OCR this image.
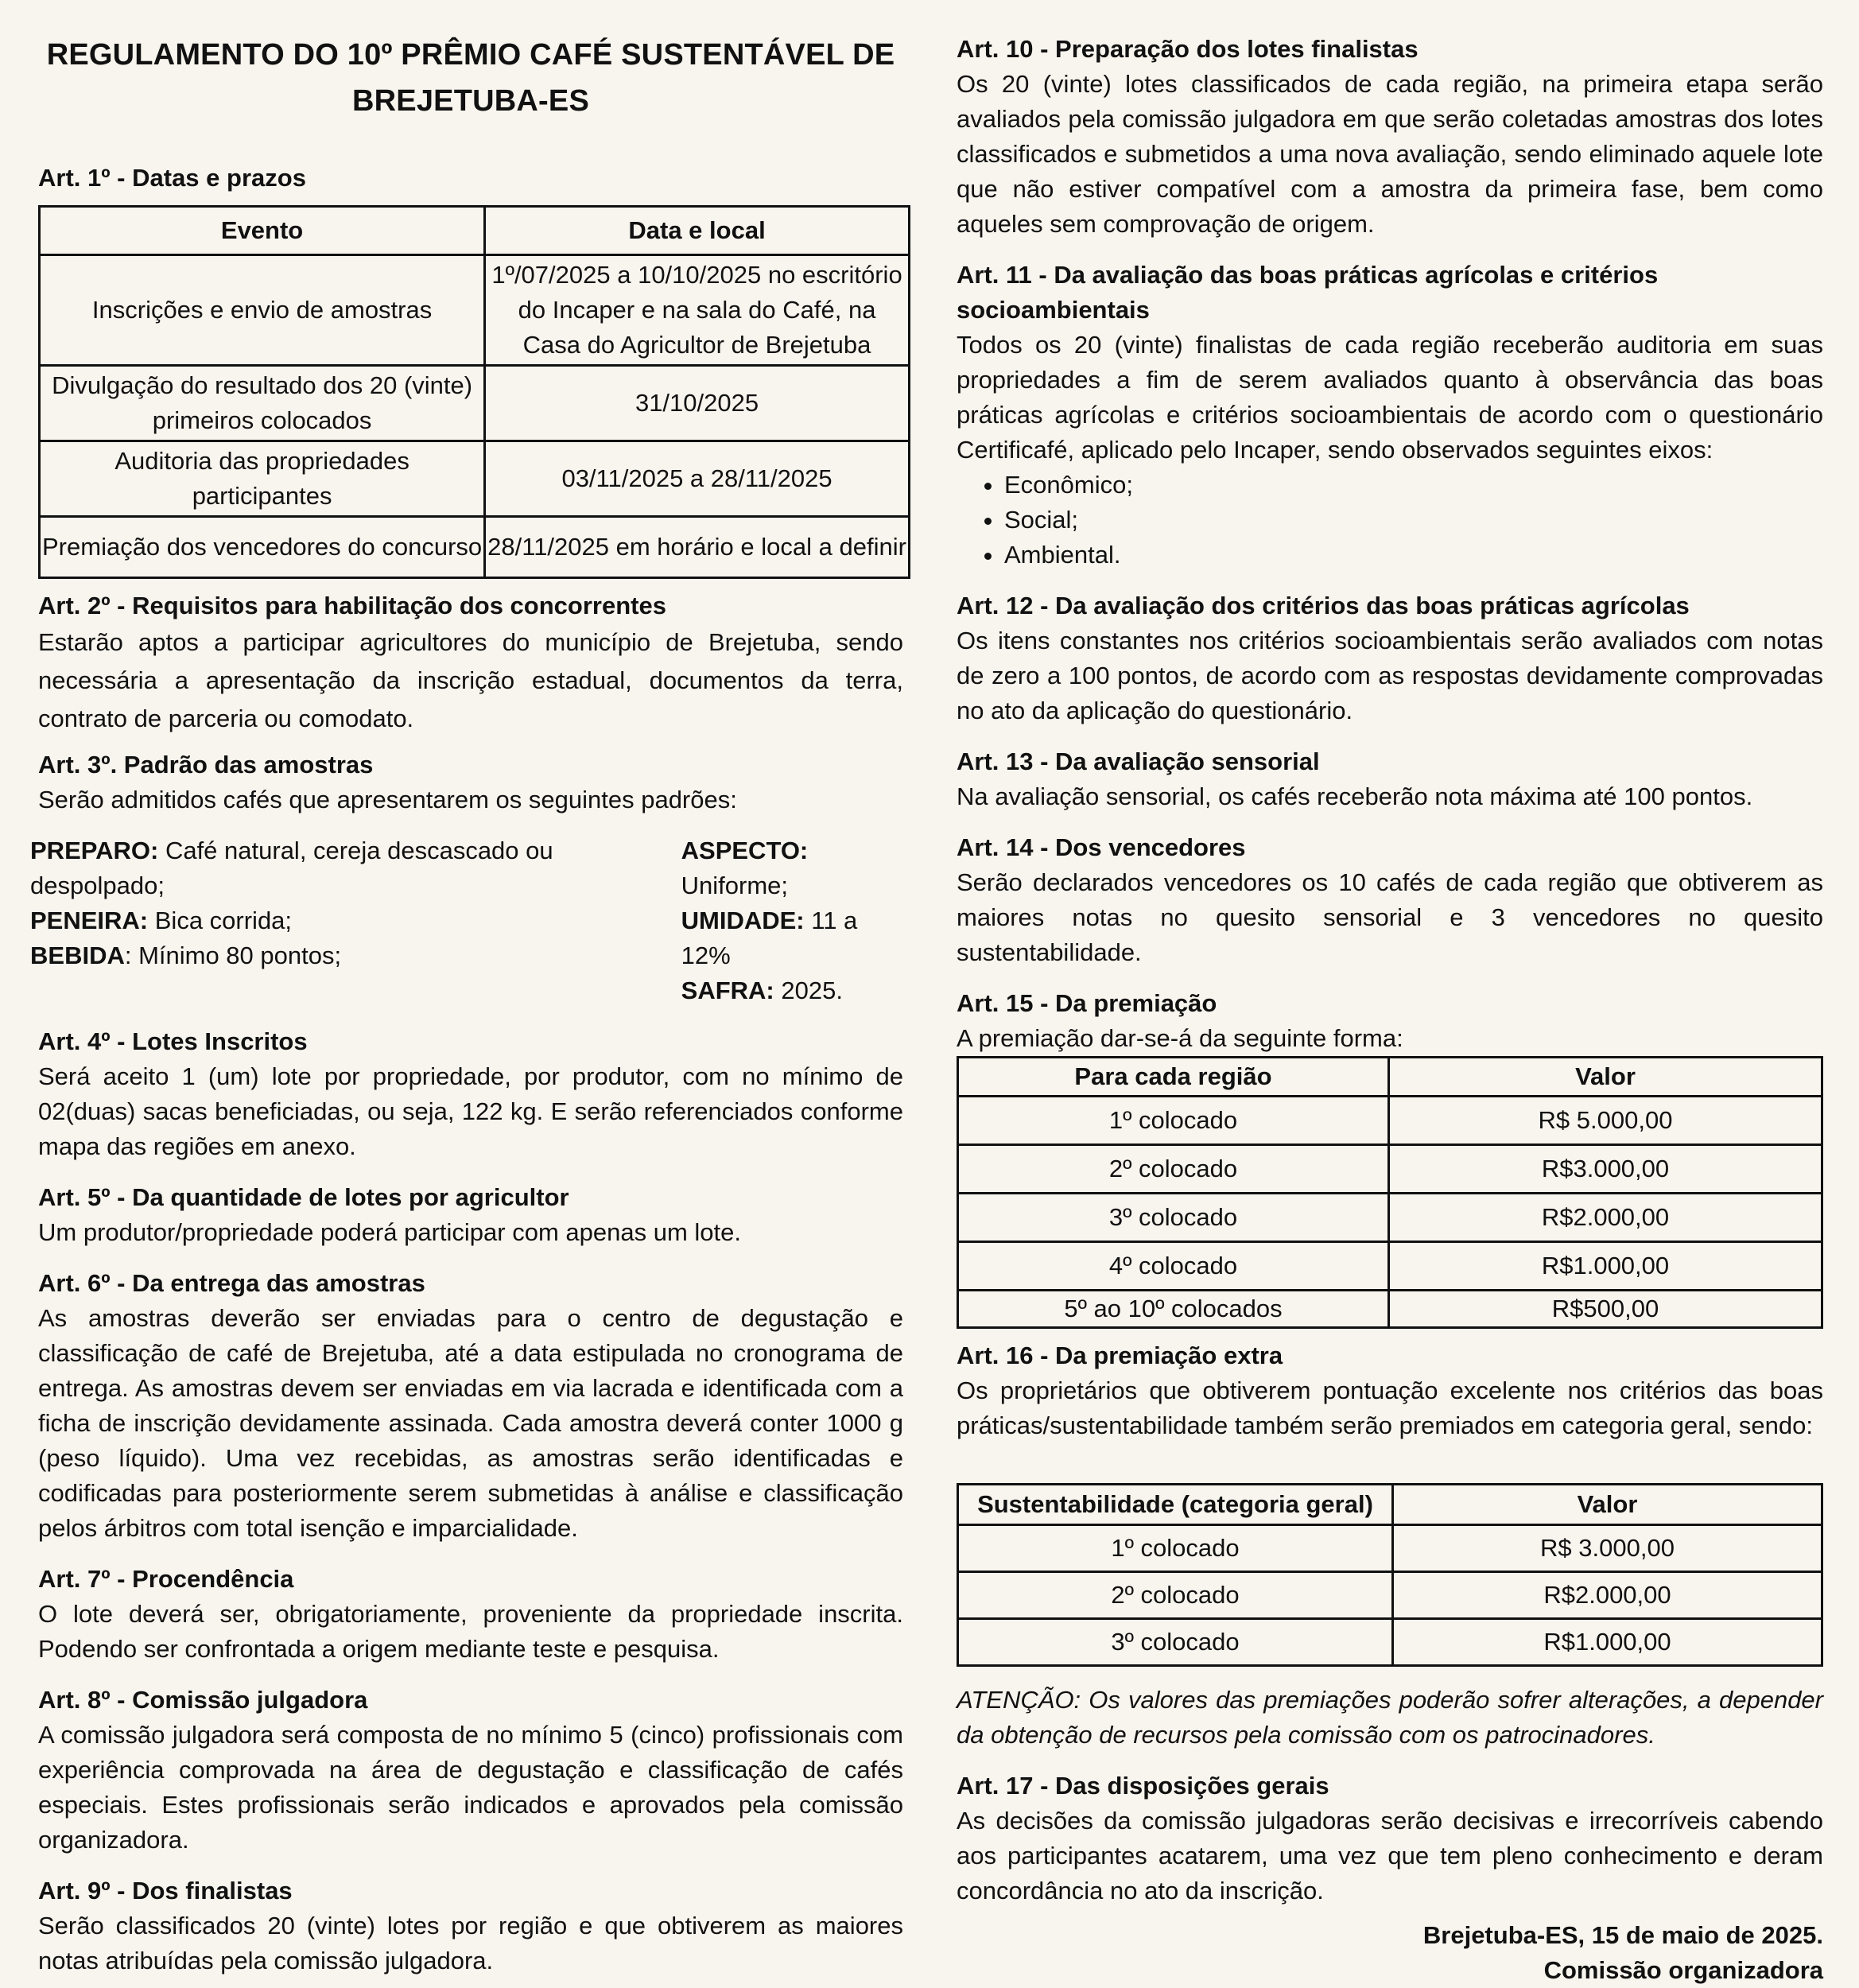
REGULAMENTO DO 10º PRÊMIO CAFÉ SUSTENTÁVEL DE BREJETUBA-ES

Art. 1º - Datas e prazos

Evento	Data e local
Inscrições e envio de amostras	1º/07/2025 a 10/10/2025 no escritório do Incaper e na sala do Café, na Casa do Agricultor de Brejetuba
Divulgação do resultado dos 20 (vinte) primeiros colocados	31/10/2025
Auditoria das propriedades participantes	03/11/2025 a 28/11/2025
Premiação dos vencedores do concurso	28/11/2025 em horário e local a definir

Art. 2º - Requisitos para habilitação dos concorrentes

Estarão aptos a participar agricultores do município de Brejetuba, sendo necessária a apresentação da inscrição estadual, documentos da terra, contrato de parceria ou comodato.

Art. 3º. Padrão das amostras

Serão admitidos cafés que apresentarem os seguintes padrões:

PREPARO: Café natural, cereja descascado ou despolpado;
PENEIRA: Bica corrida;
BEBIDA: Mínimo 80 pontos;
ASPECTO: Uniforme;
UMIDADE: 11 a 12%
SAFRA: 2025.

Art. 4º - Lotes Inscritos

Será aceito 1 (um) lote por propriedade, por produtor, com no mínimo de 02(duas) sacas beneficiadas, ou seja, 122 kg. E serão referenciados conforme mapa das regiões em anexo.

Art. 5º - Da quantidade de lotes por agricultor

Um produtor/propriedade poderá participar com apenas um lote.

Art. 6º - Da entrega das amostras

As amostras deverão ser enviadas para o centro de degustação e classificação de café de Brejetuba, até a data estipulada no cronograma de entrega. As amostras devem ser enviadas em via lacrada e identificada com a ficha de inscrição devidamente assinada. Cada amostra deverá conter 1000 g (peso líquido). Uma vez recebidas, as amostras serão identificadas e codificadas para posteriormente serem submetidas à análise e classificação pelos árbitros com total isenção e imparcialidade.

Art. 7º - Procendência

O lote deverá ser, obrigatoriamente, proveniente da propriedade inscrita. Podendo ser confrontada a origem mediante teste e pesquisa.

Art. 8º - Comissão julgadora

A comissão julgadora será composta de no mínimo 5 (cinco) profissionais com experiência comprovada na área de degustação e classificação de cafés especiais. Estes profissionais serão indicados e aprovados pela comissão organizadora.

Art. 9º - Dos finalistas

Serão classificados 20 (vinte) lotes por região e que obtiverem as maiores notas atribuídas pela comissão julgadora.

Art. 10 - Preparação dos lotes finalistas

Os 20 (vinte) lotes classificados de cada região, na primeira etapa serão avaliados pela comissão julgadora em que serão coletadas amostras dos lotes classificados e submetidos a uma nova avaliação, sendo eliminado aquele lote que não estiver compatível com a amostra da primeira fase, bem como aqueles sem comprovação de origem.

Art. 11 - Da avaliação das boas práticas agrícolas e critérios socioambientais

Todos os 20 (vinte) finalistas de cada região receberão auditoria em suas propriedades a fim de serem avaliados quanto à observância das boas práticas agrícolas e critérios socioambientais de acordo com o questionário Certificafé, aplicado pelo Incaper, sendo observados seguintes eixos:

• Econômico;
• Social;
• Ambiental.

Art. 12 - Da avaliação dos critérios das boas práticas agrícolas

Os itens constantes nos critérios socioambientais serão avaliados com notas de zero a 100 pontos, de acordo com as respostas devidamente comprovadas no ato da aplicação do questionário.

Art. 13 - Da avaliação sensorial

Na avaliação sensorial, os cafés receberão nota máxima até 100 pontos.

Art. 14 - Dos vencedores

Serão declarados vencedores os 10 cafés de cada região que obtiverem as maiores notas no quesito sensorial e 3 vencedores no quesito sustentabilidade.

Art. 15 - Da premiação

A premiação dar-se-á da seguinte forma:

Para cada região	Valor
1º colocado	R$ 5.000,00
2º colocado	R$3.000,00
3º colocado	R$2.000,00
4º colocado	R$1.000,00
5º ao 10º colocados	R$500,00

Art. 16 - Da premiação extra

Os proprietários que obtiverem pontuação excelente nos critérios das boas práticas/sustentabilidade também serão premiados em categoria geral, sendo:

Sustentabilidade (categoria geral)	Valor
1º colocado	R$ 3.000,00
2º colocado	R$2.000,00
3º colocado	R$1.000,00

ATENÇÃO: Os valores das premiações poderão sofrer alterações, a depender da obtenção de recursos pela comissão com os patrocinadores.

Art. 17 - Das disposições gerais

As decisões da comissão julgadoras serão decisivas e irrecorríveis cabendo aos participantes acatarem, uma vez que tem pleno conhecimento e deram concordância no ato da inscrição.

Brejetuba-ES, 15 de maio de 2025.

Comissão organizadora
